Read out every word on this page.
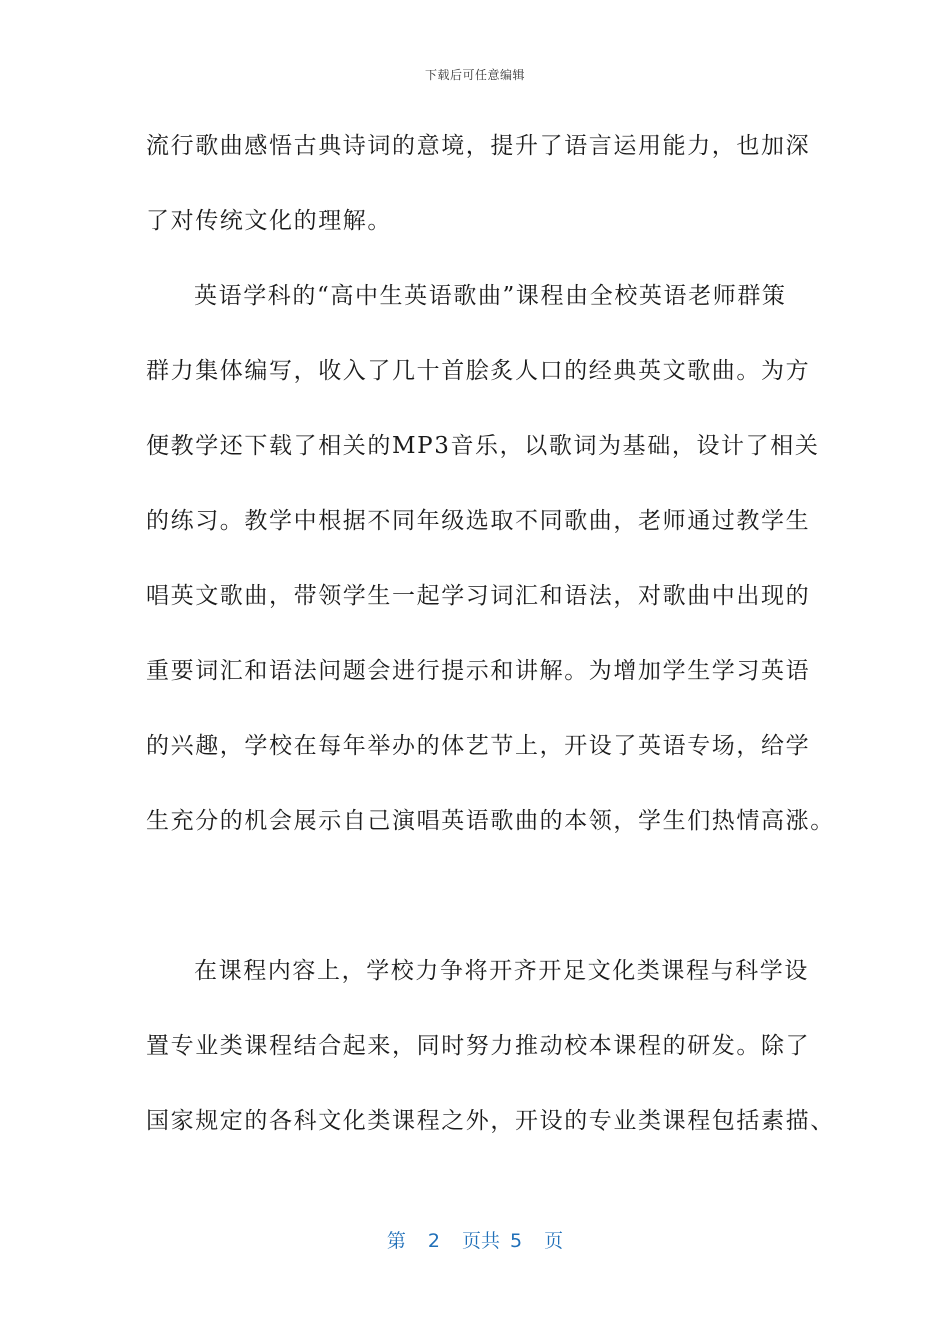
下载后可任意编辑
流行歌曲感悟古典诗词的意境，提升了语言运用能力，也加深
了对传统文化的理解。
英语学科的“高中生英语歌曲”课程由全校英语老师群策
群力集体编写，收入了几十首脍炙人口的经典英文歌曲。为方
便教学还下载了相关的MP3音乐，以歌词为基础，设计了相关
的练习。教学中根据不同年级选取不同歌曲，老师通过教学生
唱英文歌曲，带领学生一起学习词汇和语法，对歌曲中出现的
重要词汇和语法问题会进行提示和讲解。为增加学生学习英语
的兴趣，学校在每年举办的体艺节上，开设了英语专场，给学
生充分的机会展示自己演唱英语歌曲的本领，学生们热情高涨。
在课程内容上，学校力争将开齐开足文化类课程与科学设
置专业类课程结合起来，同时努力推动校本课程的研发。除了
国家规定的各科文化类课程之外，开设的专业类课程包括素描、
第 2 页共 5 页
